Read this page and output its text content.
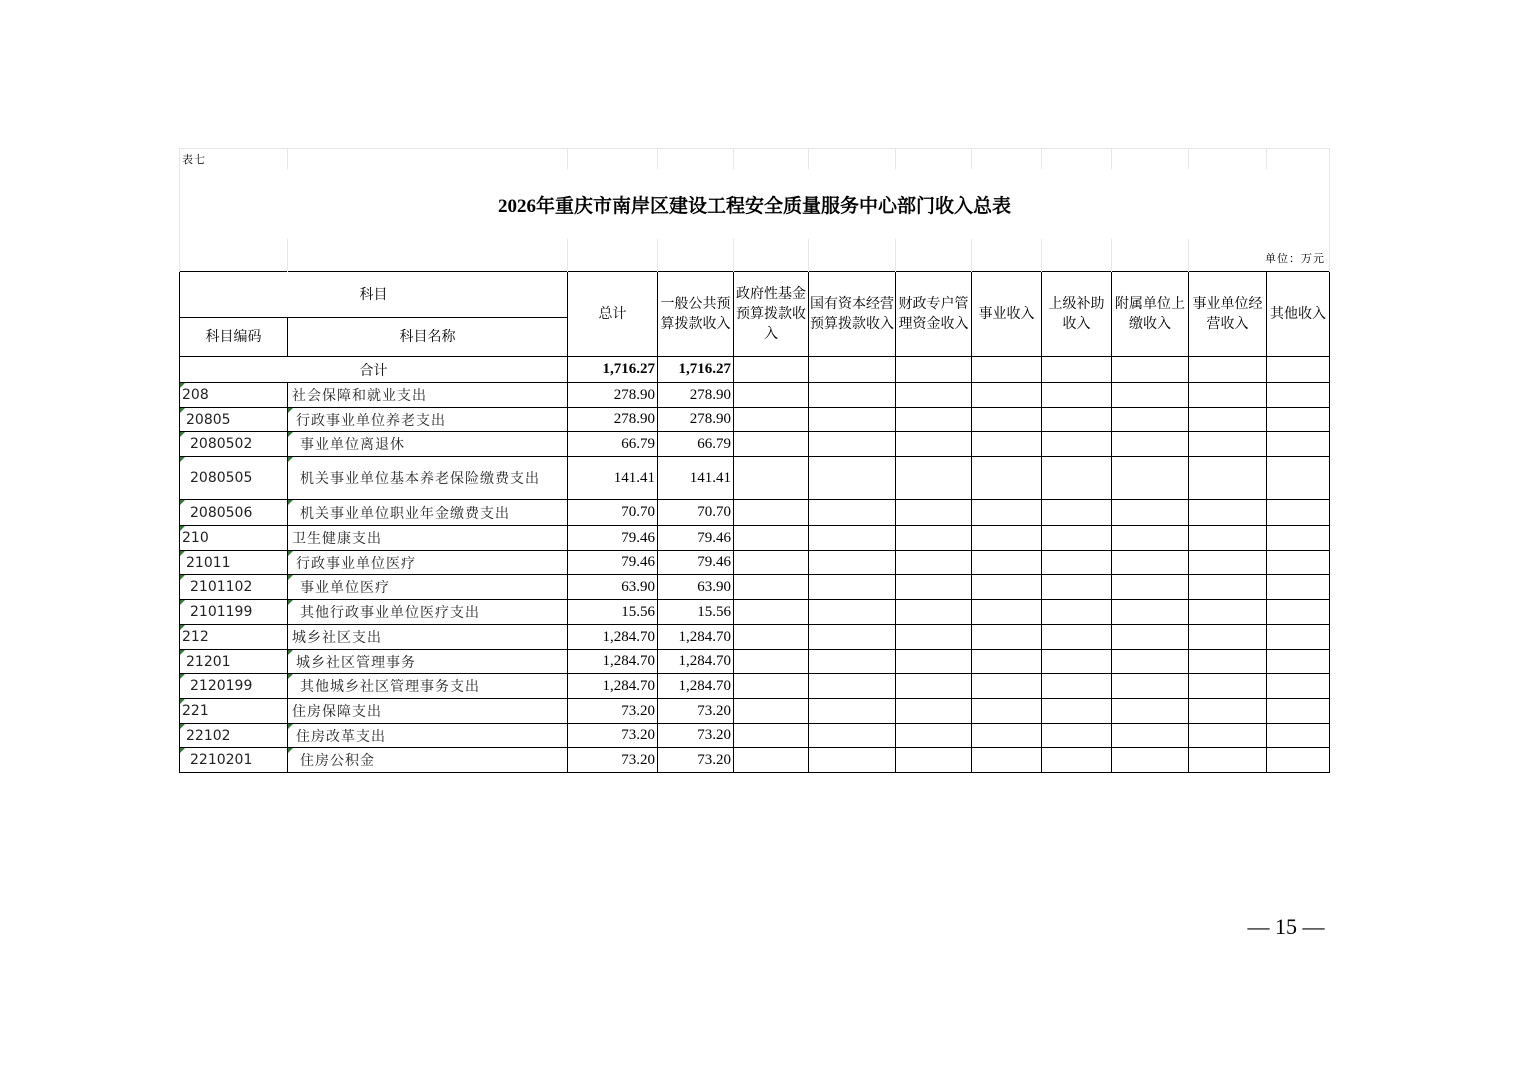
表七											
2026年重庆市南岸区建设工程安全质量服务中心部门收入总表											
										单位：万元	
科目		总计	一般公共预算拨款收入	政府性基金预算拨款收入	国有资本经营预算拨款收入	财政专户管理资金收入	事业收入	上级补助收入	附属单位上缴收入	事业单位经营收入	其他收入
科目编码	科目名称										
合计		1,716.27	1,716.27								
208	社会保障和就业支出	278.90	278.90								
20805	行政事业单位养老支出	278.90	278.90								
2080502	事业单位离退休	66.79	66.79								
2080505	机关事业单位基本养老保险缴费支出	141.41	141.41								
2080506	机关事业单位职业年金缴费支出	70.70	70.70								
210	卫生健康支出	79.46	79.46								
21011	行政事业单位医疗	79.46	79.46								
2101102	事业单位医疗	63.90	63.90								
2101199	其他行政事业单位医疗支出	15.56	15.56								
212	城乡社区支出	1,284.70	1,284.70								
21201	城乡社区管理事务	1,284.70	1,284.70								
2120199	其他城乡社区管理事务支出	1,284.70	1,284.70								
221	住房保障支出	73.20	73.20								
22102	住房改革支出	73.20	73.20								
2210201	住房公积金	73.20	73.20								
— 15 —
